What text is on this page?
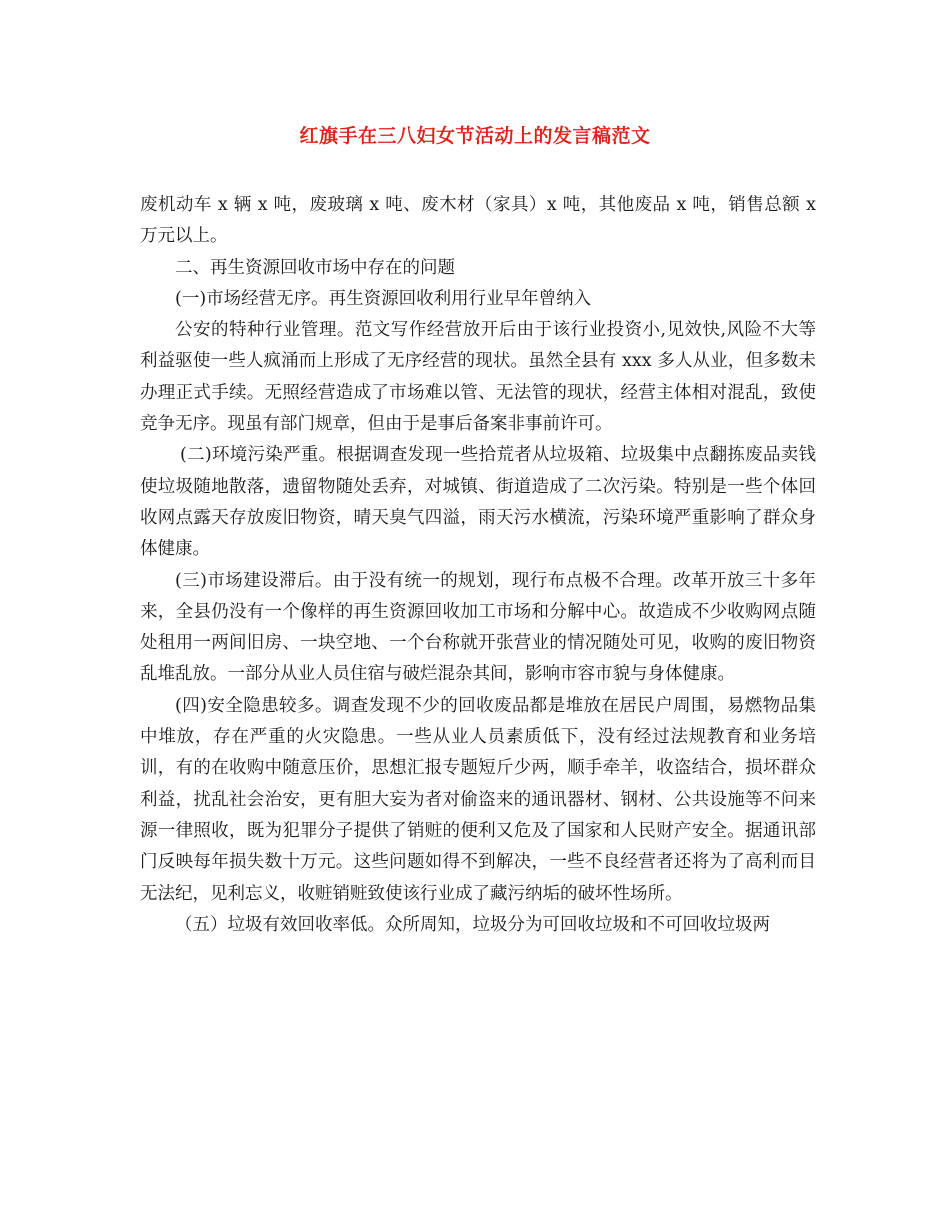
红旗手在三八妇女节活动上的发言稿范文

废机动车 x 辆 x 吨，废玻璃 x 吨、废木材（家具）x 吨，其他废品 x 吨，销售总额 x 万元以上。

二、再生资源回收市场中存在的问题

(一)市场经营无序。再生资源回收利用行业早年曾纳入

公安的特种行业管理。范文写作经营放开后由于该行业投资小,见效快,风险不大等利益驱使一些人疯涌而上形成了无序经营的现状。虽然全县有 xxx 多人从业，但多数未办理正式手续。无照经营造成了市场难以管、无法管的现状，经营主体相对混乱，致使竞争无序。现虽有部门规章，但由于是事后备案非事前许可。

(二)环境污染严重。根据调查发现一些拾荒者从垃圾箱、垃圾集中点翻拣废品卖钱使垃圾随地散落，遗留物随处丢弃，对城镇、街道造成了二次污染。特别是一些个体回收网点露天存放废旧物资，晴天臭气四溢，雨天污水横流，污染环境严重影响了群众身体健康。

(三)市场建设滞后。由于没有统一的规划，现行布点极不合理。改革开放三十多年来，全县仍没有一个像样的再生资源回收加工市场和分解中心。故造成不少收购网点随处租用一两间旧房、一块空地、一个台称就开张营业的情况随处可见，收购的废旧物资乱堆乱放。一部分从业人员住宿与破烂混杂其间，影响市容市貌与身体健康。

(四)安全隐患较多。调查发现不少的回收废品都是堆放在居民户周围，易燃物品集中堆放，存在严重的火灾隐患。一些从业人员素质低下，没有经过法规教育和业务培训，有的在收购中随意压价，思想汇报专题短斤少两，顺手牵羊，收盗结合，损坏群众利益，扰乱社会治安，更有胆大妄为者对偷盗来的通讯器材、钢材、公共设施等不问来源一律照收，既为犯罪分子提供了销赃的便利又危及了国家和人民财产安全。据通讯部门反映每年损失数十万元。这些问题如得不到解决，一些不良经营者还将为了高利而目无法纪，见利忘义，收赃销赃致使该行业成了藏污纳垢的破坏性场所。

（五）垃圾有效回收率低。众所周知，垃圾分为可回收垃圾和不可回收垃圾两
